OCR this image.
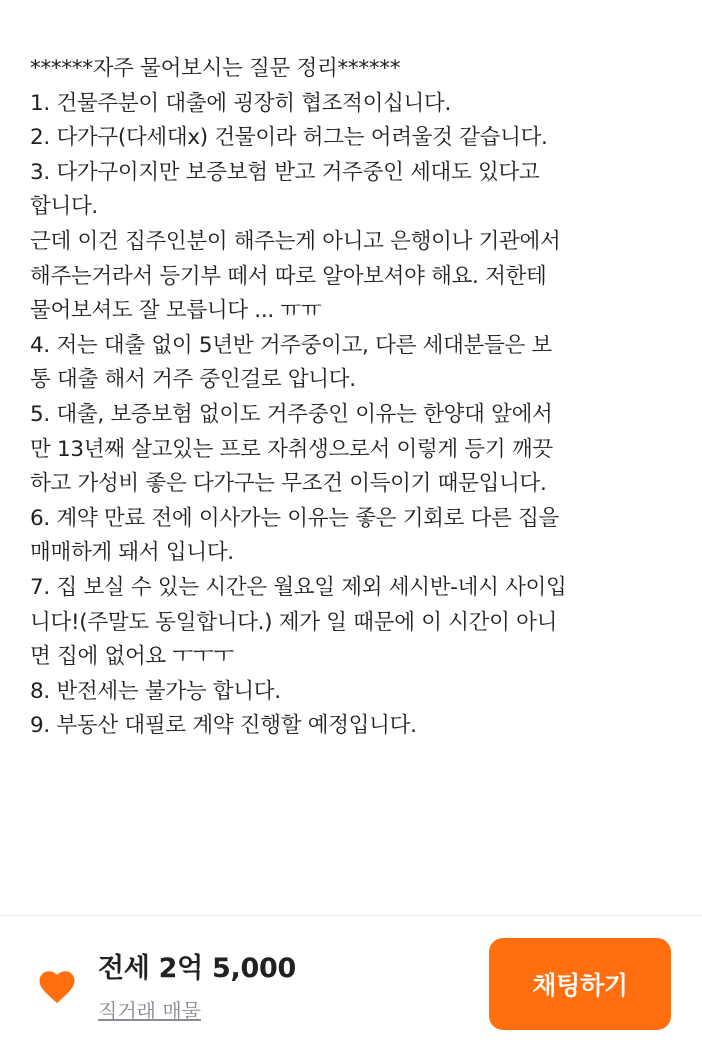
******자주 물어보시는 질문 정리******
1. 건물주분이 대출에 굉장히 협조적이십니다.
2. 다가구(다세대x) 건물이라 허그는 어려울것 같습니다.
3. 다가구이지만 보증보험 받고 거주중인 세대도 있다고
합니다.
근데 이건 집주인분이 해주는게 아니고 은행이나 기관에서
해주는거라서 등기부 떼서 따로 알아보셔야 해요. 저한테
물어보셔도 잘 모릅니다 ... ㅠㅠ
4. 저는 대출 없이 5년반 거주중이고, 다른 세대분들은 보
통 대출 해서 거주 중인걸로 압니다.
5. 대출, 보증보험 없이도 거주중인 이유는 한양대 앞에서
만 13년째 살고있는 프로 자취생으로서 이렇게 등기 깨끗
하고 가성비 좋은 다가구는 무조건 이득이기 때문입니다.
6. 계약 만료 전에 이사가는 이유는 좋은 기회로 다른 집을
매매하게 돼서 입니다.
7. 집 보실 수 있는 시간은 월요일 제외 세시반-네시 사이입
니다!(주말도 동일합니다.) 제가 일 때문에 이 시간이 아니
면 집에 없어요 ㅜㅜㅜ
8. 반전세는 불가능 합니다.
9. 부동산 대필로 계약 진행할 예정입니다.
전세 2억 5,000
직거래 매물
채팅하기
